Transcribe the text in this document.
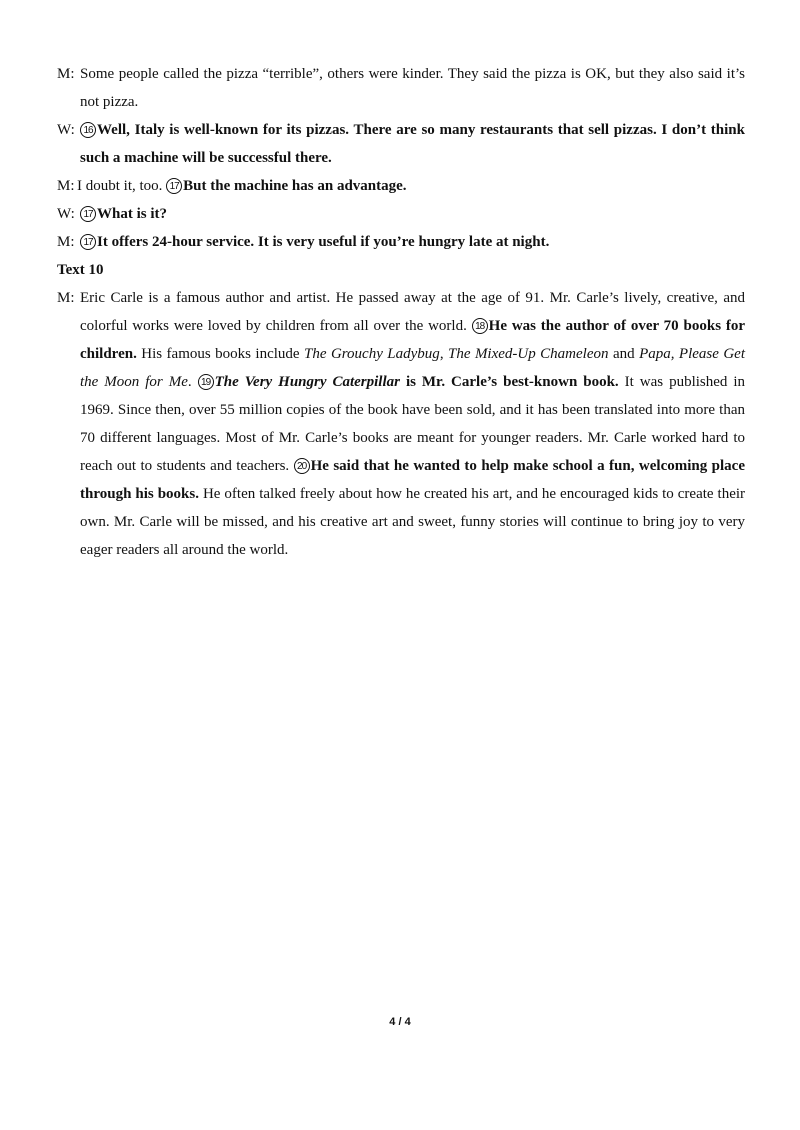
M: Some people called the pizza “terrible”, others were kinder. They said the pizza is OK, but they also said it’s not pizza.
W: 16 Well, Italy is well-known for its pizzas. There are so many restaurants that sell pizzas. I don’t think such a machine will be successful there.
M: I doubt it, too. 17 But the machine has an advantage.
W: 17 What is it?
M: 17 It offers 24-hour service. It is very useful if you’re hungry late at night.
Text 10
M: Eric Carle is a famous author and artist. He passed away at the age of 91. Mr. Carle’s lively, creative, and colorful works were loved by children from all over the world. 18 He was the author of over 70 books for children. His famous books include The Grouchy Ladybug, The Mixed-Up Chameleon and Papa, Please Get the Moon for Me. 19 The Very Hungry Caterpillar is Mr. Carle’s best-known book. It was published in 1969. Since then, over 55 million copies of the book have been sold, and it has been translated into more than 70 different languages. Most of Mr. Carle’s books are meant for younger readers. Mr. Carle worked hard to reach out to students and teachers. 20 He said that he wanted to help make school a fun, welcoming place through his books. He often talked freely about how he created his art, and he encouraged kids to create their own. Mr. Carle will be missed, and his creative art and sweet, funny stories will continue to bring joy to very eager readers all around the world.
4 / 4
